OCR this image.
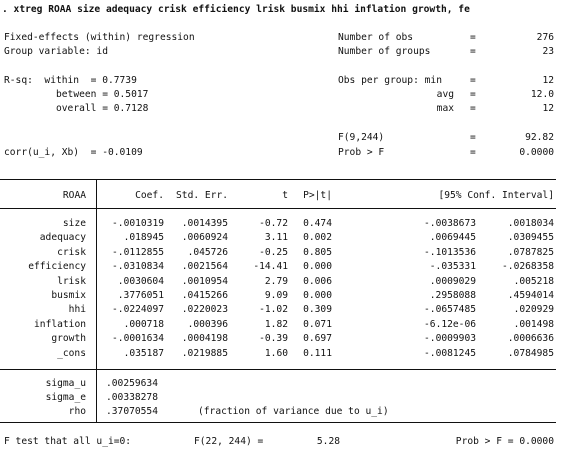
. xtreg ROAA size adequacy crisk efficiency lrisk busmix hhi inflation growth, fe
Fixed-effects (within) regression
Group variable: id
R-sq:  within  = 0.7739
between = 0.5017
overall = 0.7128
corr(u_i, Xb)  = -0.0109
Number of obs	=	276
Number of groups	=	23
Obs per group: min	=	12
avg =	12.0
max =	12
F(9,244)	=	92.82
Prob > F	=	0.0000
ROAA	Coef.	Std. Err.	t	P>|t|	[95% Conf. Interval]
size	-.0010319	.0014395	-0.72	0.474	-.0038673	.0018034
adequacy	.018945	.0060924	3.11	0.002	.0069445	.0309455
crisk	-.0112855	.045726	-0.25	0.805	-.1013536	.0787825
efficiency	-.0310834	.0021564	-14.41	0.000	-.035331	-.0268358
lrisk	.0030604	.0010954	2.79	0.006	.0009029	.005218
busmix	.3776051	.0415266	9.09	0.000	.2958088	.4594014
hhi	-.0224097	.0220023	-1.02	0.309	-.0657485	.020929
inflation	.000718	.000396	1.82	0.071	-6.12e-06	.001498
growth	-.0001634	.0004198	-0.39	0.697	-.0009903	.0006636
_cons	.035187	.0219885	1.60	0.111	-.0081245	.0784985
sigma_u .00259634
sigma_e .00338278
rho .37070554	(fraction of variance due to u_i)
F test that all u_i=0:	F(22, 244) =	5.28	Prob > F = 0.0000
